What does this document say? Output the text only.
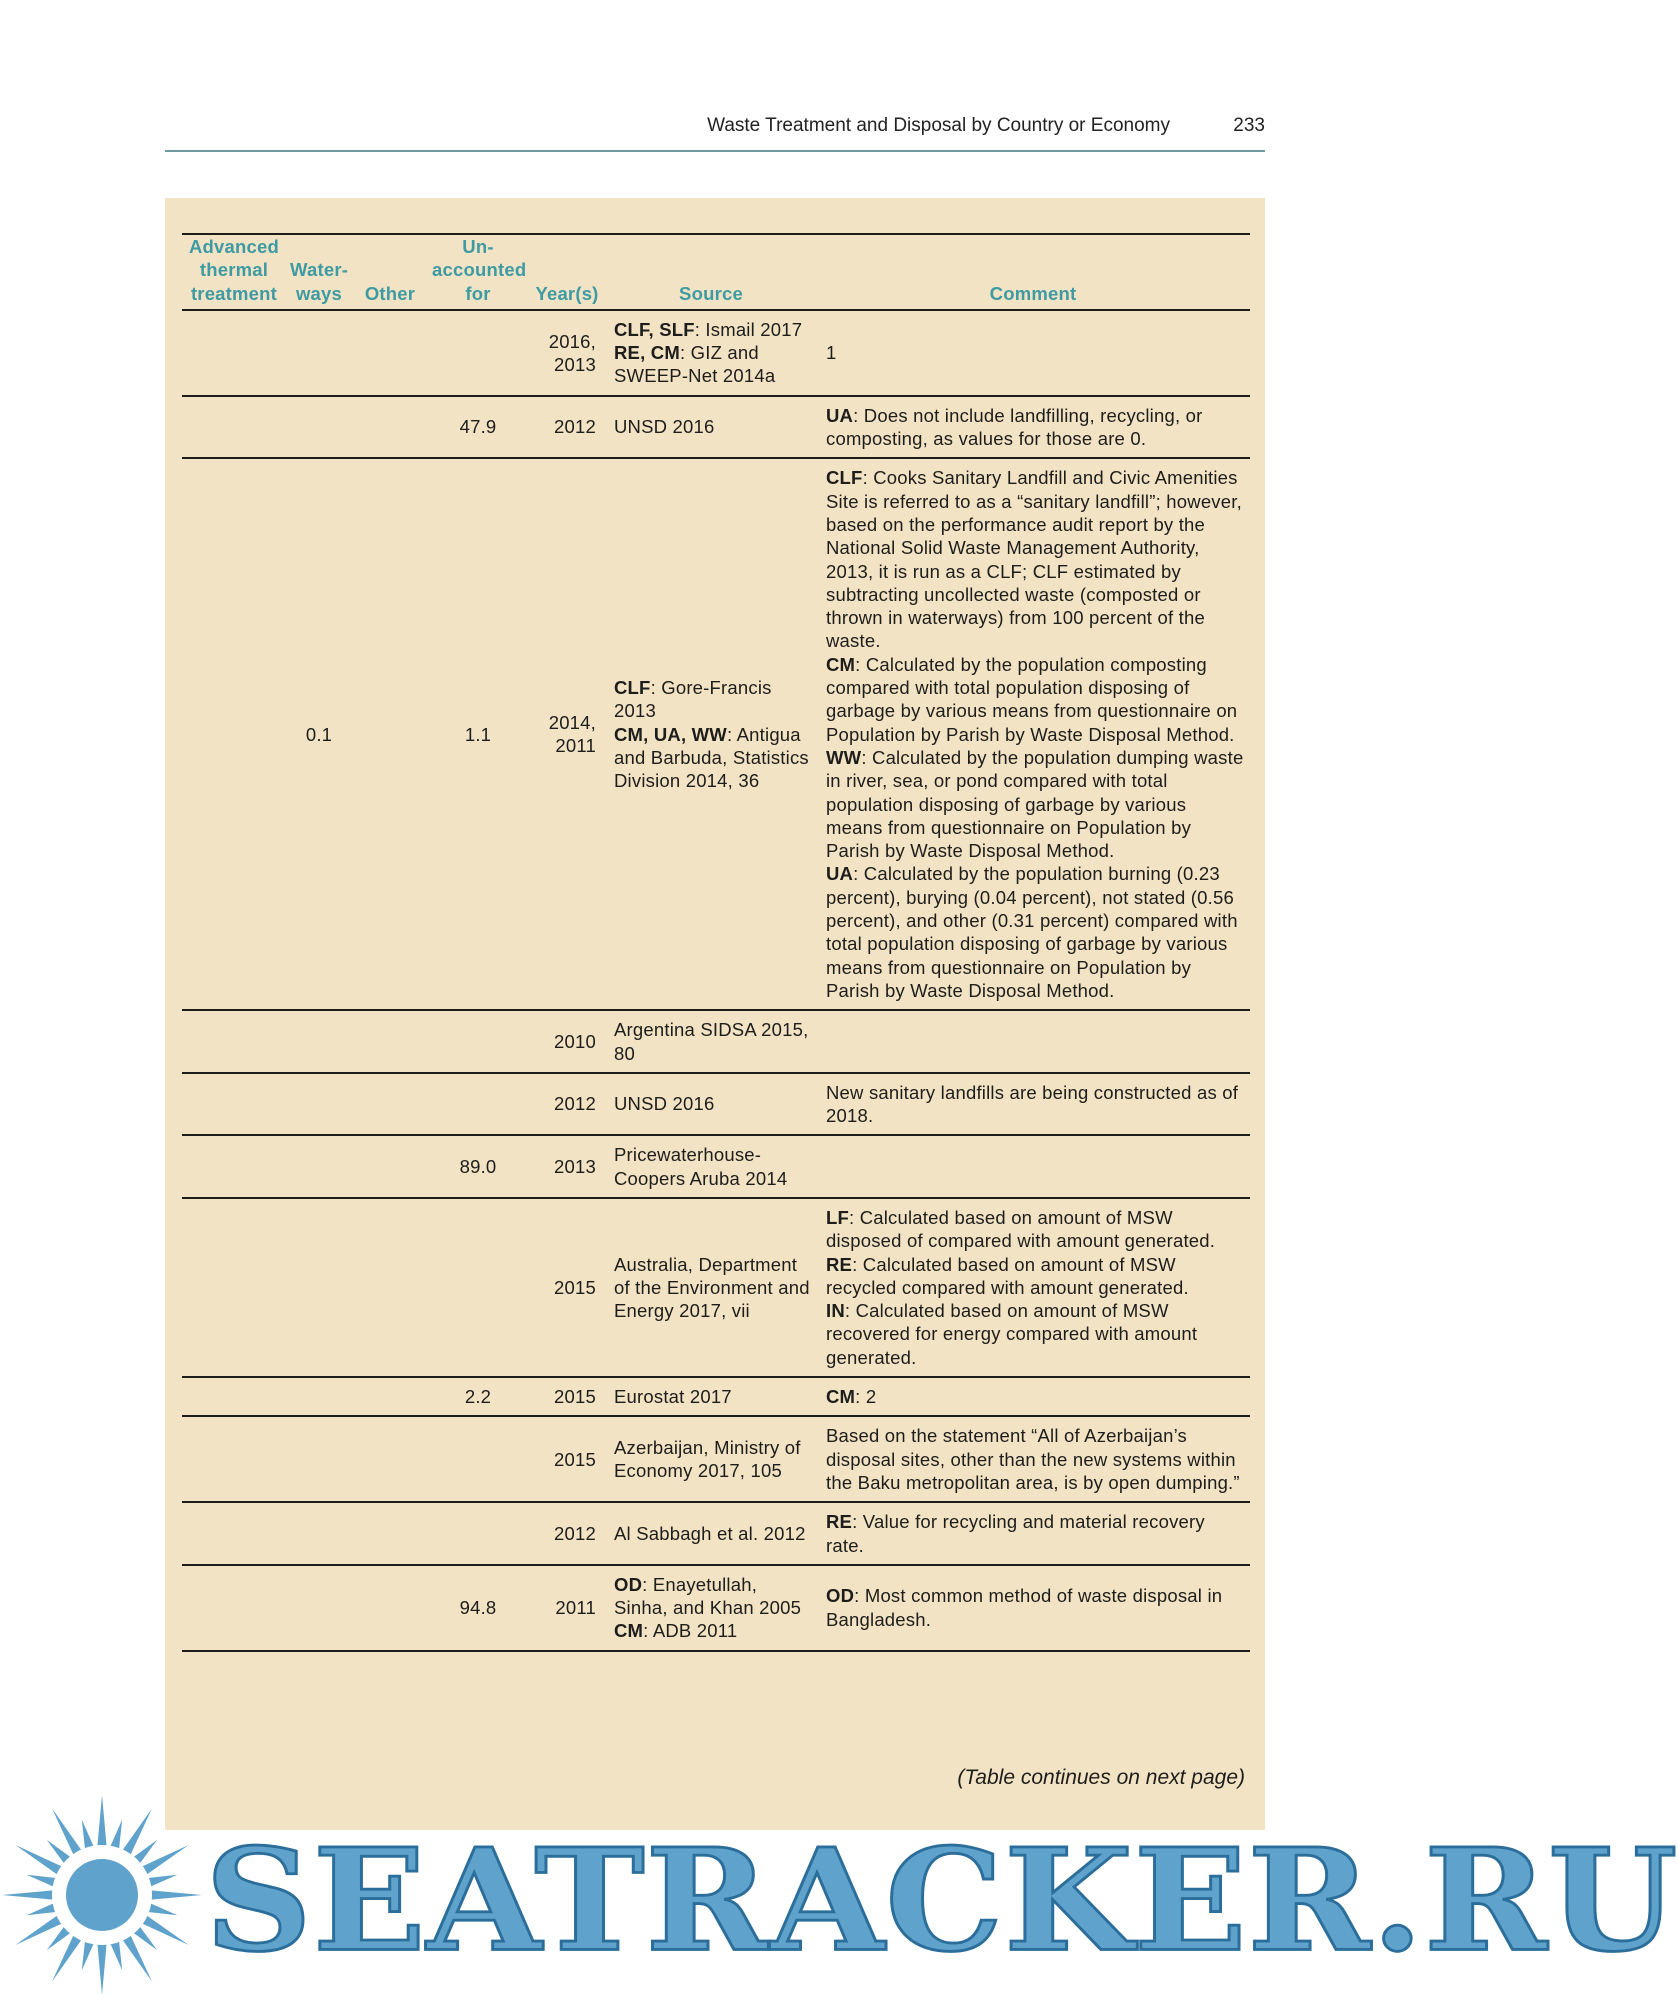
Waste Treatment and Disposal by Country or Economy	233
Advanced
thermal
treatment	Water-
ways	Other	Un-
accounted
for	Year(s)	Source	Comment

				2016,
2013	CLF, SLF: Ismail 2017
RE, CM: GIZ and SWEEP-Net 2014a	1

			47.9	2012	UNSD 2016	UA: Does not include landfilling, recycling, or composting, as values for those are 0.

	0.1		1.1	2014,
2011	CLF: Gore-Francis 2013
CM, UA, WW: Antigua and Barbuda, Statistics Division 2014, 36	CLF: Cooks Sanitary Landfill and Civic Amenities Site is referred to as a “sanitary landfill”; however, based on the performance audit report by the National Solid Waste Management Authority, 2013, it is run as a CLF; CLF estimated by subtracting uncollected waste (composted or thrown in waterways) from 100 percent of the waste.
CM: Calculated by the population composting compared with total population disposing of garbage by various means from questionnaire on Population by Parish by Waste Disposal Method.
WW: Calculated by the population dumping waste in river, sea, or pond compared with total population disposing of garbage by various means from questionnaire on Population by Parish by Waste Disposal Method.
UA: Calculated by the population burning (0.23 percent), burying (0.04 percent), not stated (0.56 percent), and other (0.31 percent) compared with total population disposing of garbage by various means from questionnaire on Population by Parish by Waste Disposal Method.

				2010	Argentina SIDSA 2015, 80	

				2012	UNSD 2016	New sanitary landfills are being constructed as of 2018.

			89.0	2013	Pricewaterhouse-Coopers Aruba 2014	

				2015	Australia, Department of the Environment and Energy 2017, vii	LF: Calculated based on amount of MSW disposed of compared with amount generated.
RE: Calculated based on amount of MSW recycled compared with amount generated.
IN: Calculated based on amount of MSW recovered for energy compared with amount generated.

			2.2	2015	Eurostat 2017	CM: 2

				2015	Azerbaijan, Ministry of Economy 2017, 105	Based on the statement “All of Azerbaijan’s disposal sites, other than the new systems within the Baku metropolitan area, is by open dumping.”

				2012	Al Sabbagh et al. 2012	RE: Value for recycling and material recovery rate.

			94.8	2011	OD: Enayetullah, Sinha, and Khan 2005
CM: ADB 2011	OD: Most common method of waste disposal in Bangladesh.
(Table continues on next page)
SEATRACKER.RU
